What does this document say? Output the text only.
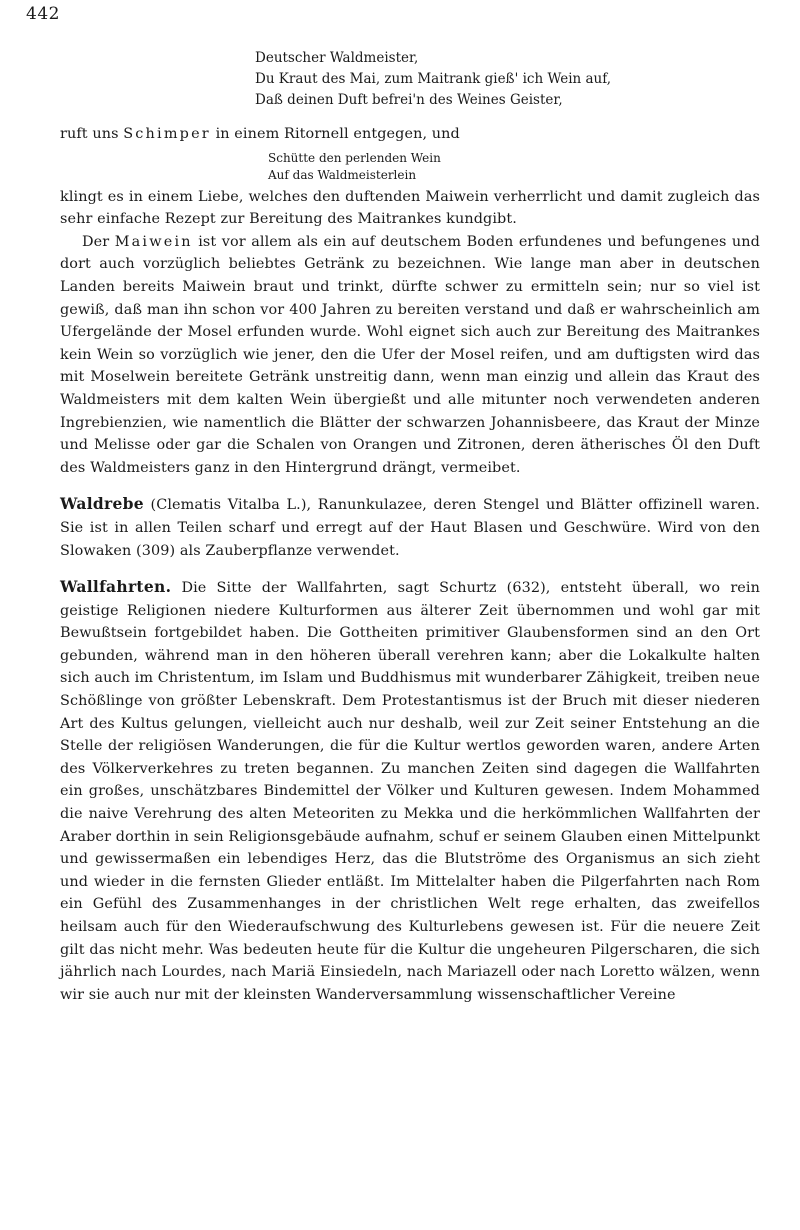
442
Deutscher Waldmeister,
Du Kraut des Mai, zum Maitrank gieß' ich Wein auf,
Daß deinen Duft befrei'n des Weines Geister,

ruft uns Schimper in einem Ritornell entgegen, und

Schütte den perlenden Wein
Auf das Waldmeisterlein

klingt es in einem Liebe, welches den duftenden Maiwein verherrlicht und damit zugleich das sehr einfache Rezept zur Bereitung des Maitrankes kundgibt.

Der Maiwein ist vor allem als ein auf deutschem Boden erfundenes und befungenes und dort auch vorzüglich beliebtes Getränk zu bezeichnen. Wie lange man aber in deutschen Landen bereits Maiwein braut und trinkt, dürfte schwer zu ermitteln sein; nur so viel ist gewiß, daß man ihn schon vor 400 Jahren zu bereiten verstand und daß er wahrscheinlich am Ufergelände der Mosel erfunden wurde. Wohl eignet sich auch zur Bereitung des Maitrankes kein Wein so vorzüglich wie jener, den die Ufer der Mosel reifen, und am duftigsten wird das mit Moselwein bereitete Getränk unstreitig dann, wenn man einzig und allein das Kraut des Waldmeisters mit dem kalten Wein übergießt und alle mitunter noch verwendeten anderen Ingrebienzien, wie namentlich die Blätter der schwarzen Johannisbeere, das Kraut der Minze und Melisse oder gar die Schalen von Orangen und Zitronen, deren ätherisches Öl den Duft des Waldmeisters ganz in den Hintergrund drängt, vermeibet.

Waldrebe (Clematis Vitalba L.), Ranunkulazee, deren Stengel und Blätter offizinell waren. Sie ist in allen Teilen scharf und erregt auf der Haut Blasen und Geschwüre. Wird von den Slowaken (309) als Zauberpflanze verwendet.

Wallfahrten. Die Sitte der Wallfahrten, sagt Schurtz (632), entsteht überall, wo rein geistige Religionen niedere Kulturformen aus älterer Zeit übernommen und wohl gar mit Bewußtsein fortgebildet haben. Die Gottheiten primitiver Glaubensformen sind an den Ort gebunden, während man in den höheren überall verehren kann; aber die Lokalkulte halten sich auch im Christentum, im Islam und Buddhismus mit wunderbarer Zähigkeit, treiben neue Schößlinge von größter Lebenskraft. Dem Protestantismus ist der Bruch mit dieser niederen Art des Kultus gelungen, vielleicht auch nur deshalb, weil zur Zeit seiner Entstehung an die Stelle der religiösen Wanderungen, die für die Kultur wertlos geworden waren, andere Arten des Völkerverkehres zu treten begannen. Zu manchen Zeiten sind dagegen die Wallfahrten ein großes, unschätzbares Bindemittel der Völker und Kulturen gewesen. Indem Mohammed die naive Verehrung des alten Meteoriten zu Mekka und die herkömmlichen Wallfahrten der Araber dorthin in sein Religionsgebäude aufnahm, schuf er seinem Glauben einen Mittelpunkt und gewissermaßen ein lebendiges Herz, das die Blutströme des Organismus an sich zieht und wieder in die fernsten Glieder entläßt. Im Mittelalter haben die Pilgerfahrten nach Rom ein Gefühl des Zusammenhanges in der christlichen Welt rege erhalten, das zweifellos heilsam auch für den Wiederaufschwung des Kulturlebens gewesen ist. Für die neuere Zeit gilt das nicht mehr. Was bedeuten heute für die Kultur die ungeheuren Pilgerscharen, die sich jährlich nach Lourdes, nach Mariä Einsiedeln, nach Mariazell oder nach Loretto wälzen, wenn wir sie auch nur mit der kleinsten Wanderversammlung wissenschaftlicher Vereine
